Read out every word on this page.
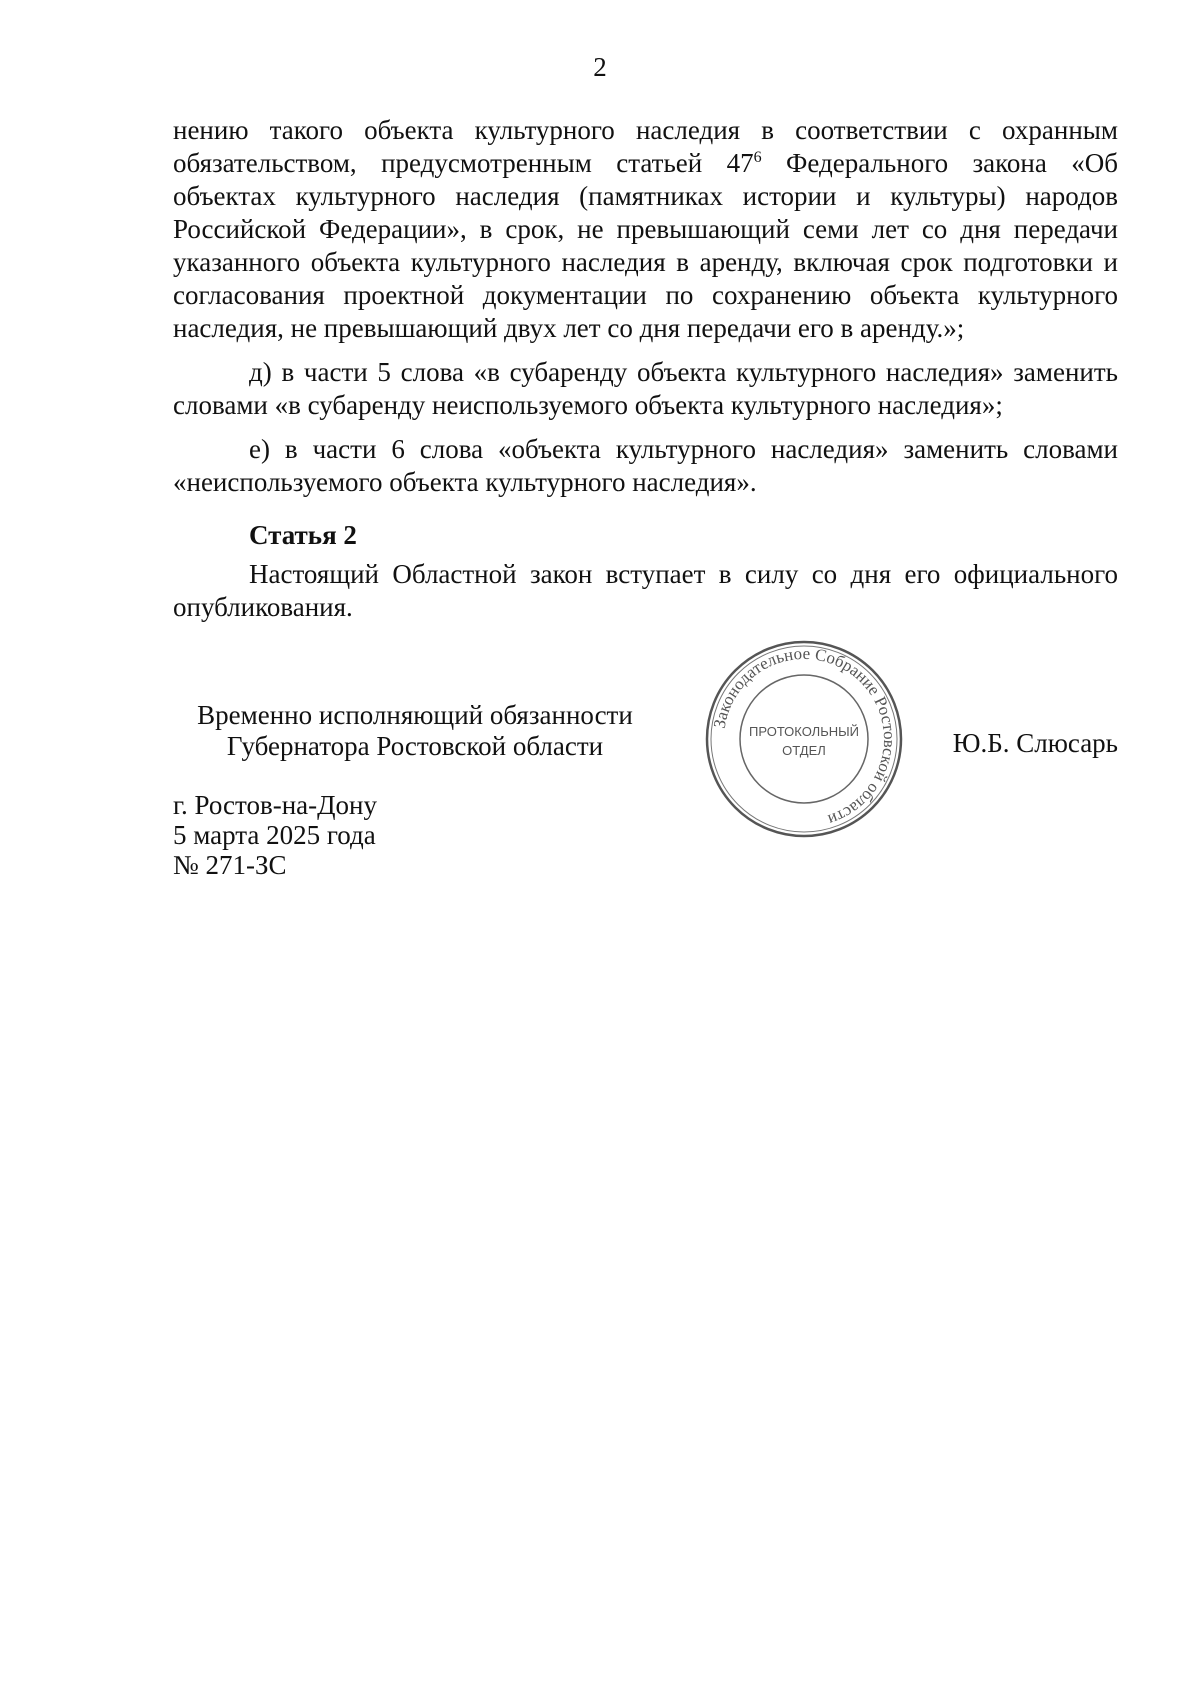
2

нению такого объекта культурного наследия в соответствии с охранным обязательством, предусмотренным статьей $47^6$ Федерального закона «Об объектах культурного наследия (памятниках истории и культуры) народов Российской Федерации», в срок, не превышающий семи лет со дня передачи указанного объекта культурного наследия в аренду, включая срок подготовки и согласования проектной документации по сохранению объекта культурного наследия, не превышающий двух лет со дня передачи его в аренду.»;

д) в части 5 слова «в субаренду объекта культурного наследия» заменить словами «в субаренду неиспользуемого объекта культурного наследия»;

е) в части 6 слова «объекта культурного наследия» заменить словами «неиспользуемого объекта культурного наследия».

Статья 2

Настоящий Областной закон вступает в силу со дня его официального опубликования.

Временно исполняющий обязанности
Губернатора Ростовской области
Законодательное Собрание Ростовской области
ПРОТОКОЛЬНЫЙ
ОТДЕЛ	Ю.Б. Слюсарь
г. Ростов-на-Дону
5 марта 2025 года
№ 271-ЗС
